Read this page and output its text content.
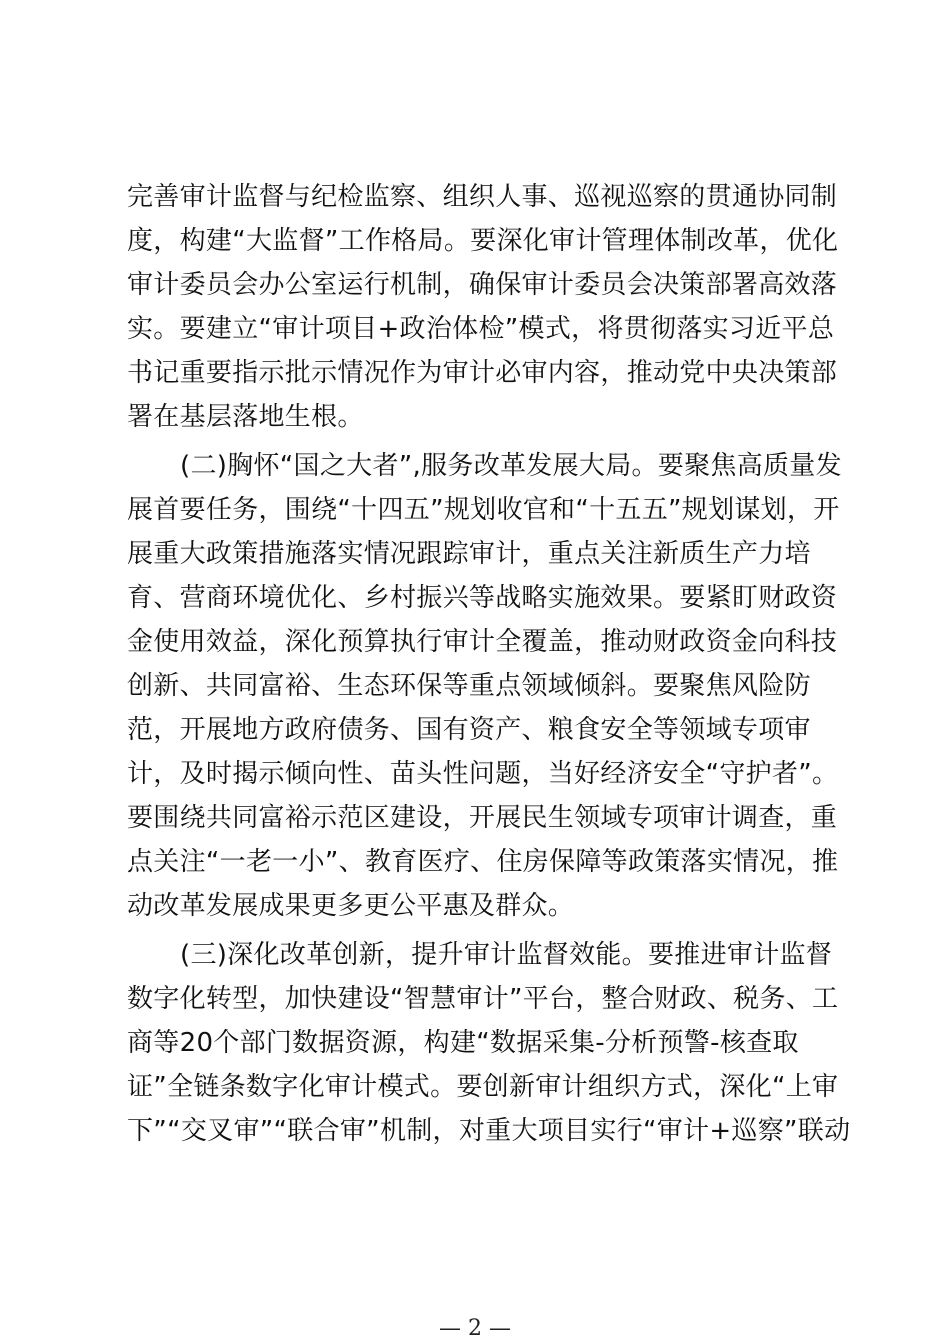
完善审计监督与纪检监察、组织人事、巡视巡察的贯通协同制
度，构建“大监督”工作格局。要深化审计管理体制改革，优化
审计委员会办公室运行机制，确保审计委员会决策部署高效落
实。要建立“审计项目+政治体检”模式，将贯彻落实习近平总
书记重要指示批示情况作为审计必审内容，推动党中央决策部
署在基层落地生根。
(二)胸怀“国之大者”,服务改革发展大局。要聚焦高质量发
展首要任务，围绕“十四五”规划收官和“十五五”规划谋划，开
展重大政策措施落实情况跟踪审计，重点关注新质生产力培
育、营商环境优化、乡村振兴等战略实施效果。要紧盯财政资
金使用效益，深化预算执行审计全覆盖，推动财政资金向科技
创新、共同富裕、生态环保等重点领域倾斜。要聚焦风险防
范，开展地方政府债务、国有资产、粮食安全等领域专项审
计，及时揭示倾向性、苗头性问题，当好经济安全“守护者”。
要围绕共同富裕示范区建设，开展民生领域专项审计调查，重
点关注“一老一小”、教育医疗、住房保障等政策落实情况，推
动改革发展成果更多更公平惠及群众。
(三)深化改革创新，提升审计监督效能。要推进审计监督
数字化转型，加快建设“智慧审计”平台，整合财政、税务、工
商等20个部门数据资源，构建“数据采集-分析预警-核查取
证”全链条数字化审计模式。要创新审计组织方式，深化“上审
下”“交叉审”“联合审”机制，对重大项目实行“审计+巡察”联动
— 2 —
